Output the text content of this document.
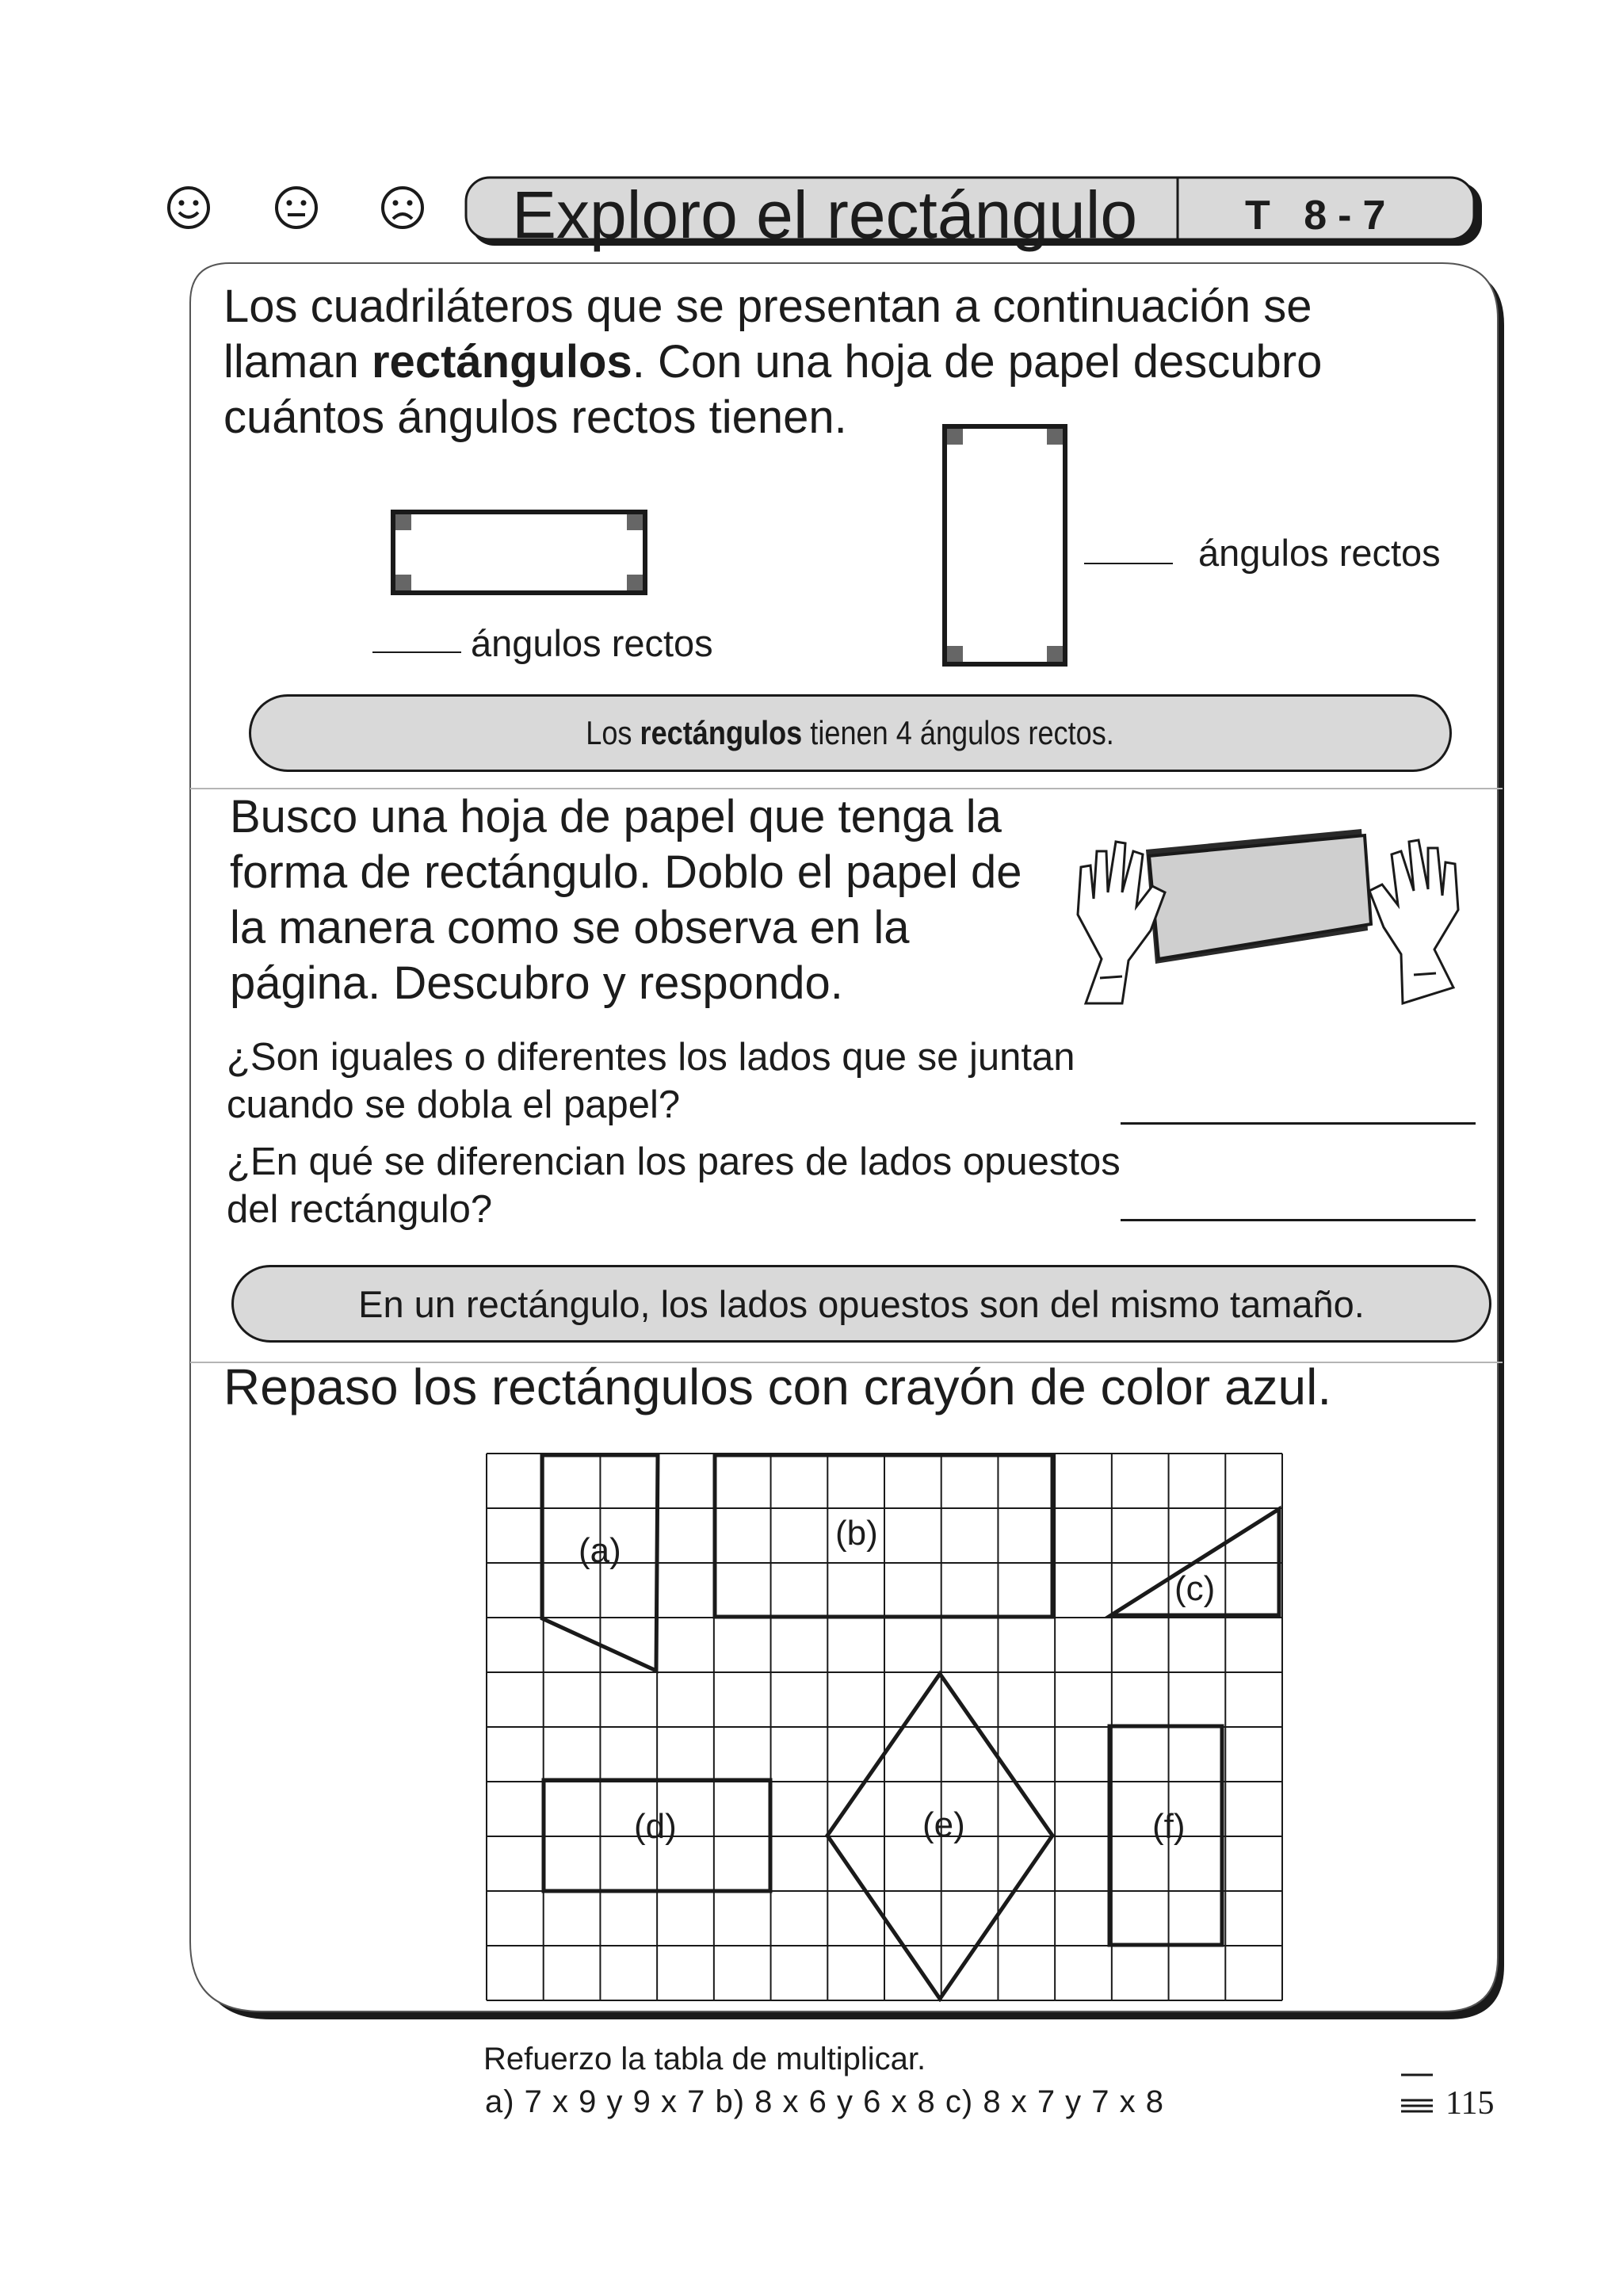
Exploro el rectángulo	T 8-7
Los cuadriláteros que se presentan a continuación se llaman rectángulos. Con una hoja de papel descubro cuántos ángulos rectos tienen.
ángulos rectos
ángulos rectos
Los rectángulos tienen 4 ángulos rectos.
Busco una hoja de papel que tenga la forma de rectángulo. Doblo el papel de la manera como se observa en la página. Descubro y respondo.
¿Son iguales o diferentes los lados que se juntan cuando se dobla el papel?
¿En qué se diferencian los pares de lados opuestos del rectángulo?
En un rectángulo, los lados opuestos son del mismo tamaño.
Repaso los rectángulos con crayón de color azul.
(a)	(b)
(c)
(d)	(e)	(f)
Refuerzo la tabla de multiplicar.
a) 7 x 9 y 9 x 7 b) 8 x 6 y 6 x 8 c) 8 x 7 y 7 x 8	115
